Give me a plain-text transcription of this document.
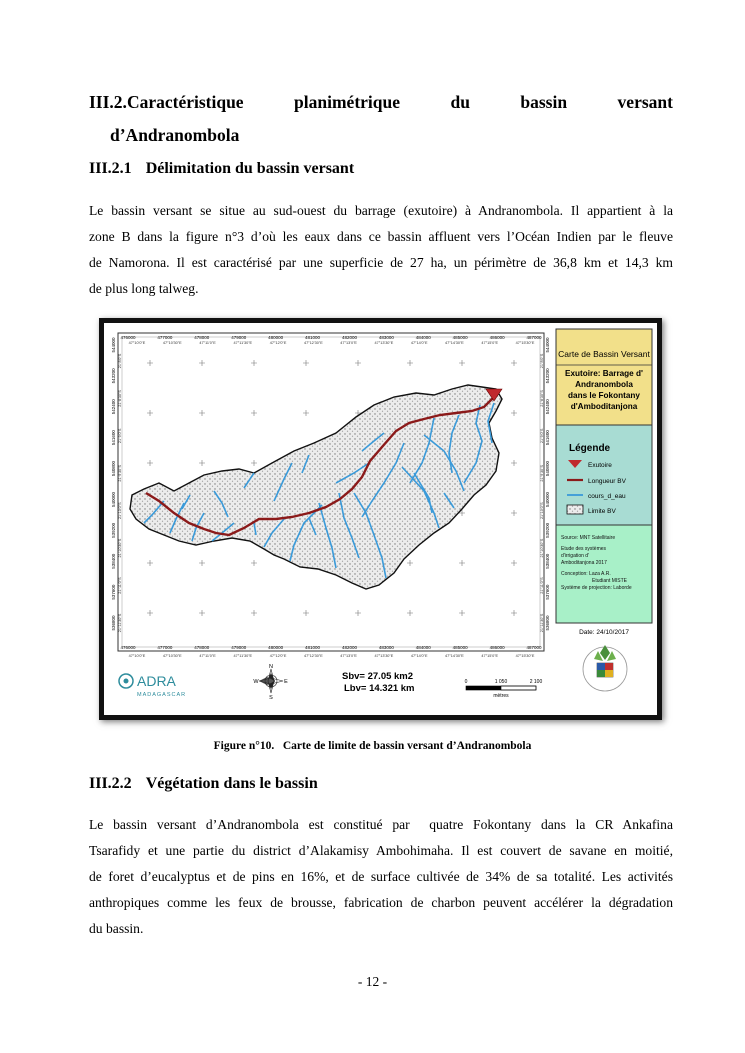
III.2.Caractéristique	planimétrique	du	bassin	versant
d’Andranombola
III.2.1 Délimitation du bassin versant
Le bassin versant se situe au sud-ouest du barrage (exutoire) à Andranombola. Il appartient à la
zone B dans la figure n°3 d’où les eaux dans ce bassin affluent vers l’Océan Indien par le fleuve
de Namorona. Il est caractérisé par une superficie de 27 ha, un périmètre de 36,8 km et 14,3 km
de plus long talweg.
476000	477000	478000	479000	480000	481000	482000	483000	484000	485000	486000	487000
47°10'0"E	47°10'30"E	47°11'0"E	47°11'30"E	47°12'0"E	47°12'30"E	47°13'0"E	47°13'30"E	47°14'0"E	47°14'30"E	47°15'0"E	47°15'30"E
476000	477000	478000	479000	480000	481000	482000	483000	484000	485000	486000	487000
47°10'0"E	47°10'30"E	47°11'0"E	47°11'30"E	47°12'0"E	47°12'30"E	47°13'0"E	47°13'30"E	47°14'0"E	47°14'30"E	47°15'0"E	47°15'30"E
544000
543200
542400
541600
540800
540000
539200
538400
537600
536800
21°8'0"S
21°8'30"S
21°9'0"S
21°9'30"S
21°10'0"S
21°10'30"S
21°11'0"S
21°11'30"S
544000
543200
542400
541600
540800
540000
539200
538400
537600
536800
21°8'0"S
21°8'30"S
21°9'0"S
21°9'30"S
21°10'0"S
21°10'30"S
21°11'0"S
21°11'30"S
Carte de Bassin Versant
Exutoire: Barrage d'
Andranombola
dans le Fokontany
d'Amboditanjona
Légende
Exutoire
Longueur BV
cours_d_eau
Limite BV
Source: MNT Satellitaire
Etude des systèmes
d'irrigation d'
Amboditanjona 2017
Conception: Laza A.R.
Etudiant MISTE
Système de projection: Laborde
Date: 24/10/2017
ADRA
MADAGASCAR
N
S
E
W	Sbv= 27.05 km2
Lbv= 14.321 km
0	1 050	2 100
mètres
Figure n°10.   Carte de limite de bassin versant d’Andranombola
III.2.2 Végétation dans le bassin
Le bassin versant d’Andranombola est constitué par  quatre Fokontany dans la CR Ankafina
Tsarafidy et une partie du district d’Alakamisy Ambohimaha. Il est couvert de savane en moitié,
de foret d’eucalyptus et de pins en 16%, et de surface cultivée de 34% de sa totalité. Les activités
anthropiques comme les feux de brousse, fabrication de charbon peuvent accélérer la dégradation
du bassin.
- 12 -
